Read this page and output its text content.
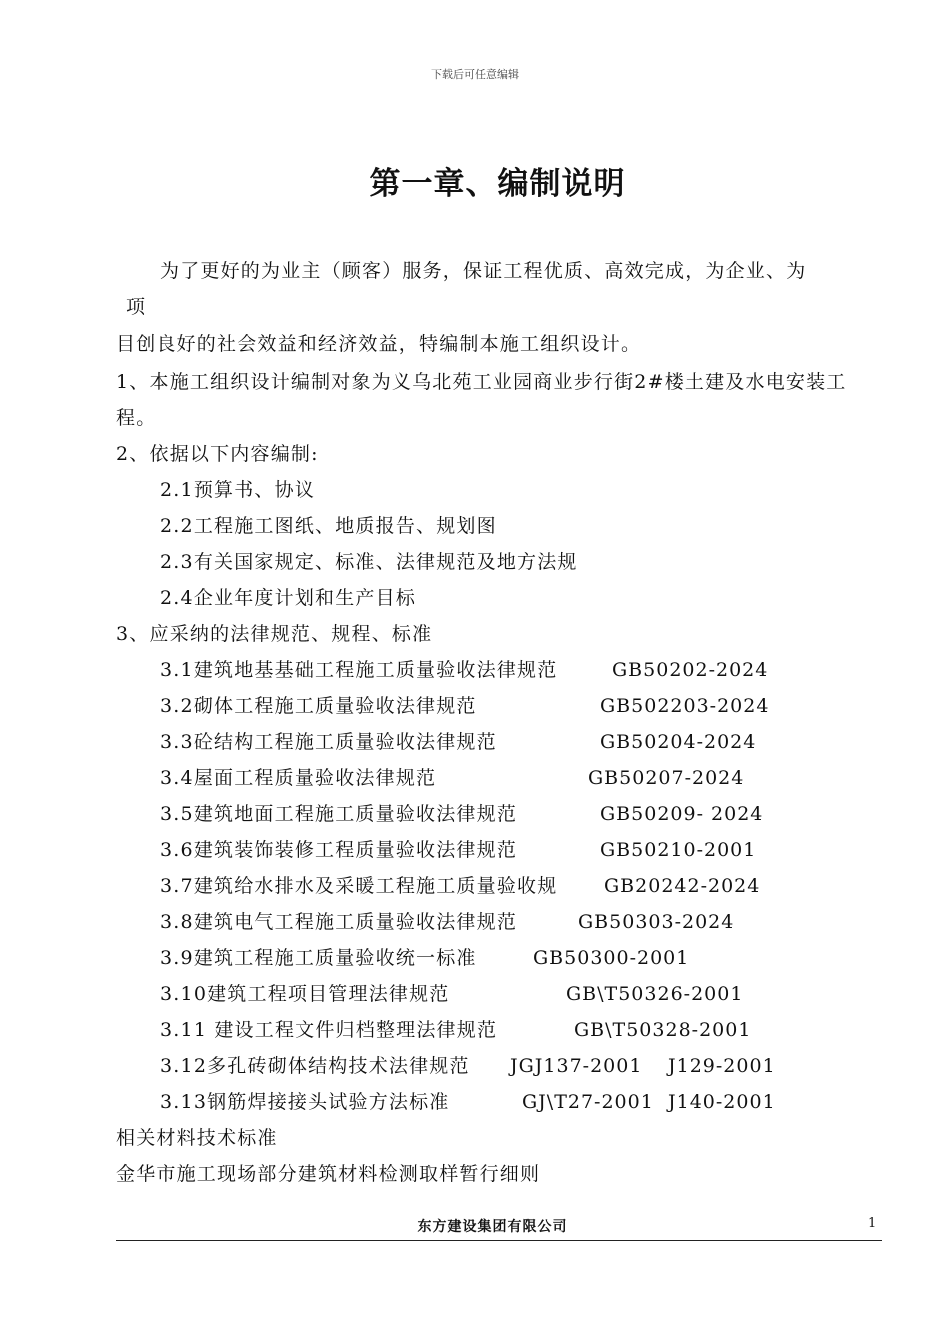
下载后可任意编辑
第一章、编制说明
为了更好的为业主（顾客）服务，保证工程优质、高效完成，为企业、为
项
目创良好的社会效益和经济效益，特编制本施工组织设计。
1、本施工组织设计编制对象为义乌北苑工业园商业步行街2#楼土建及水电安装工
程。
2、依据以下内容编制:
2.1预算书、协议
2.2工程施工图纸、地质报告、规划图
2.3有关国家规定、标准、法律规范及地方法规
2.4企业年度计划和生产目标
3、应采纳的法律规范、规程、标准
3.1建筑地基基础工程施工质量验收法律规范	GB50202-2024
3.2砌体工程施工质量验收法律规范	GB502203-2024
3.3砼结构工程施工质量验收法律规范	GB50204-2024
3.4屋面工程质量验收法律规范	GB50207-2024
3.5建筑地面工程施工质量验收法律规范	GB50209- 2024
3.6建筑装饰装修工程质量验收法律规范	GB50210-2001
3.7建筑给水排水及采暖工程施工质量验收规 GB20242-2024
3.8建筑电气工程施工质量验收法律规范	GB50303-2024
3.9建筑工程施工质量验收统一标准	GB50300-2001
3.10建筑工程项目管理法律规范	GB\T50326-2001
3.11 建设工程文件归档整理法律规范	GB\T50328-2001
3.12多孔砖砌体结构技术法律规范 JGJ137-2001 J129-2001
3.13钢筋焊接接头试验方法标准	GJ\T27-2001 J140-2001
相关材料技术标准
金华市施工现场部分建筑材料检测取样暂行细则
东方建设集团有限公司	1
